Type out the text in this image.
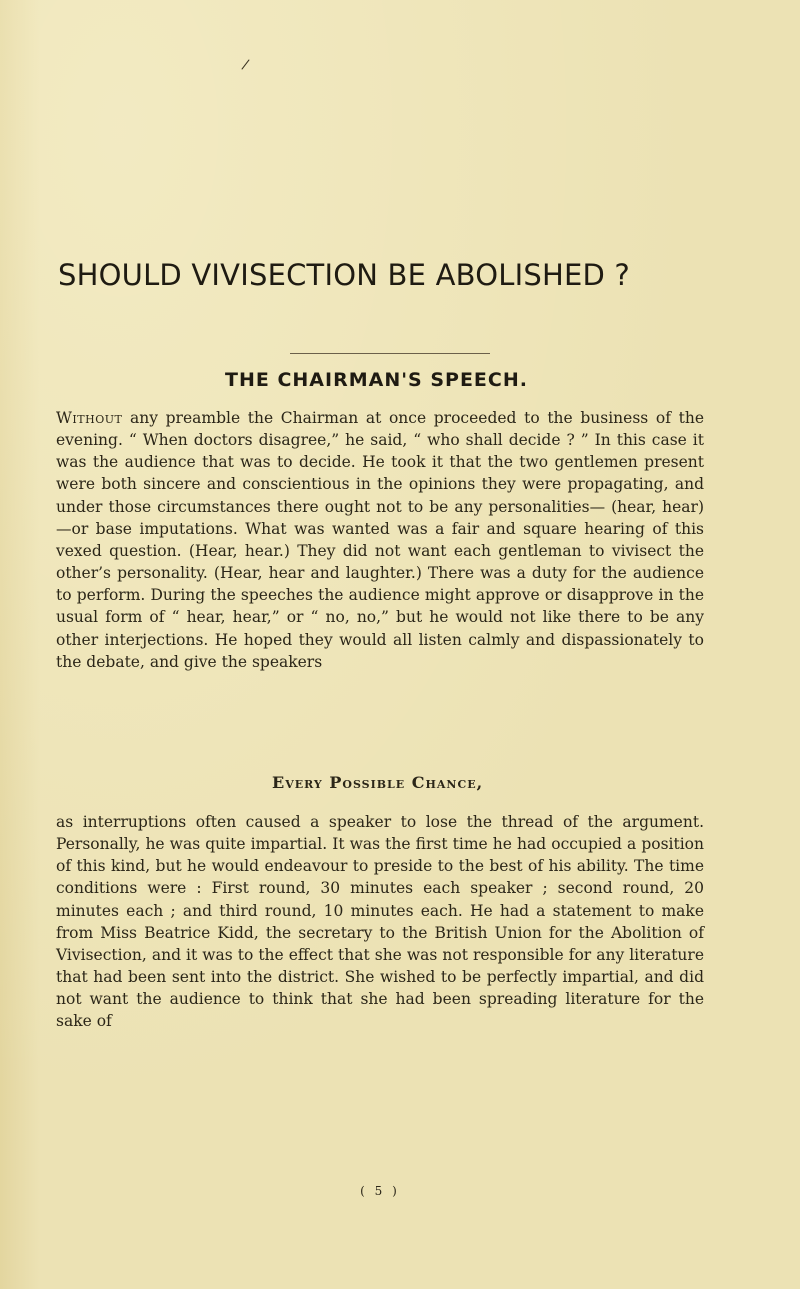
/
SHOULD VIVISECTION BE ABOLISHED ?
THE CHAIRMAN'S SPEECH.

Without any preamble the Chairman at once proceeded to the business of the evening. “ When doctors disagree,” he said, “ who shall decide ? ” In this case it was the audience that was to decide. He took it that the two gentlemen present were both sincere and conscientious in the opinions they were propagating, and under those circumstances there ought not to be any personalities— (hear, hear)—or base imputations. What was wanted was a fair and square hearing of this vexed question. (Hear, hear.) They did not want each gentleman to vivisect the other’s personality. (Hear, hear and laughter.) There was a duty for the audience to perform. During the speeches the audience might approve or disapprove in the usual form of “ hear, hear,” or “ no, no,” but he would not like there to be any other interjections. He hoped they would all listen calmly and dispassionately to the debate, and give the speakers

Every Possible Chance,

as interruptions often caused a speaker to lose the thread of the argument. Personally, he was quite impartial. It was the first time he had occupied a position of this kind, but he would endeavour to preside to the best of his ability. The time conditions were : First round, 30 minutes each speaker ; second round, 20 minutes each ; and third round, 10 minutes each. He had a statement to make from Miss Beatrice Kidd, the secretary to the British Union for the Abolition of Vivisection, and it was to the effect that she was not responsible for any literature that had been sent into the district. She wished to be perfectly impartial, and did not want the audience to think that she had been spreading literature for the sake of

( 5 )
